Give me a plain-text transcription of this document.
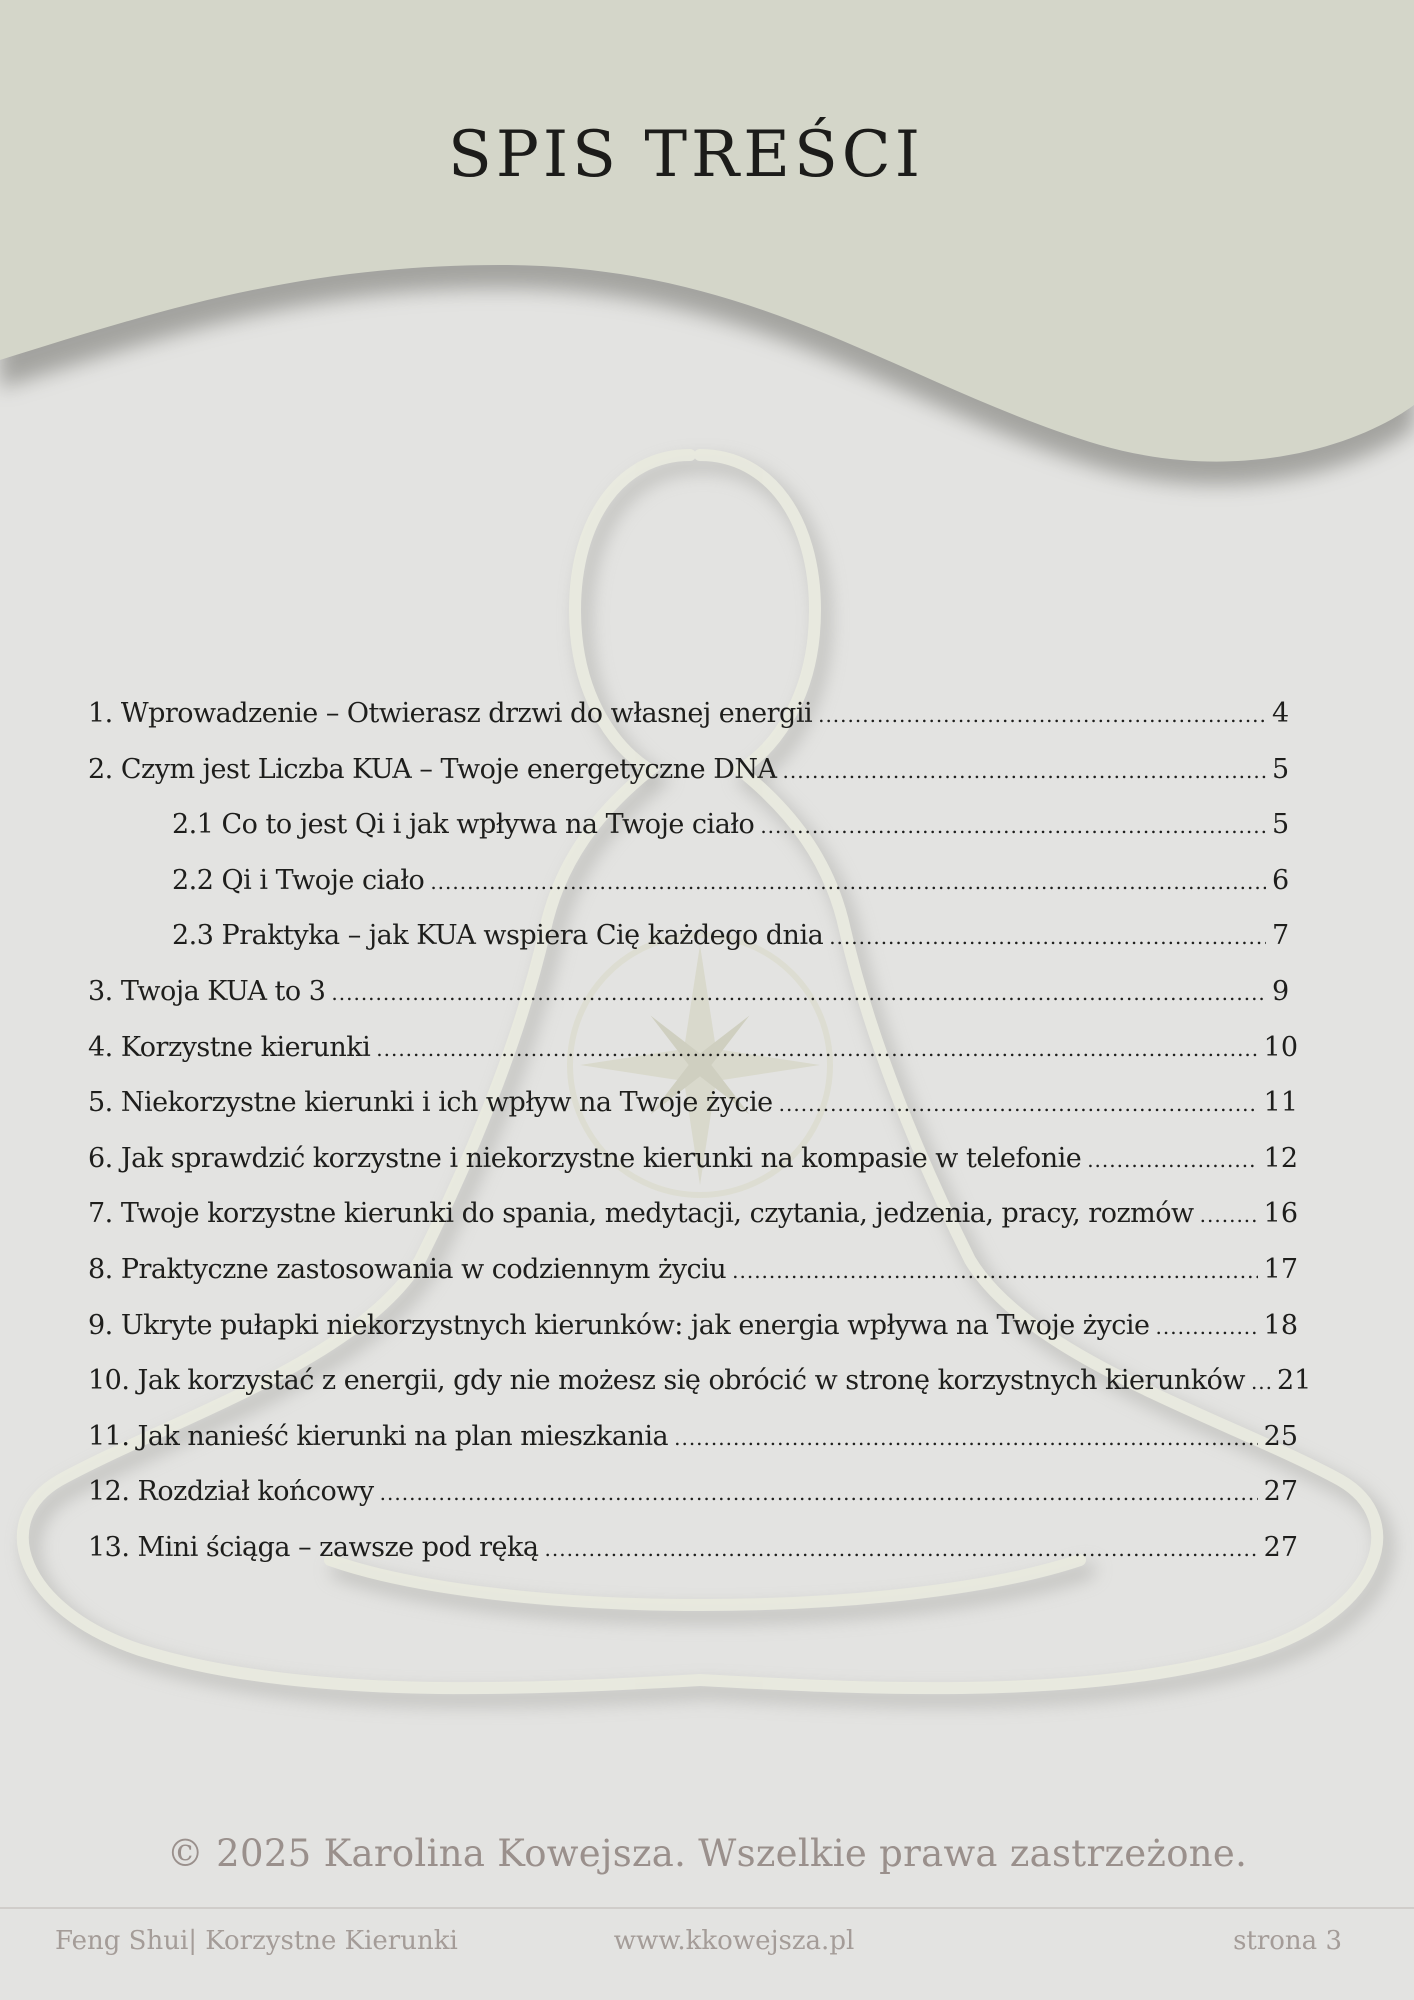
SPIS TREŚCI
1. Wprowadzenie – Otwierasz drzwi do własnej energii .....	4
2. Czym jest Liczba KUA – Twoje energetyczne DNA .....	5
2.1 Co to jest Qi i jak wpływa na Twoje ciało .....	5
2.2 Qi i Twoje ciało .....	6
2.3 Praktyka – jak KUA wspiera Cię każdego dnia .....	7
3. Twoja KUA to 3 .....	9
4. Korzystne kierunki .....	10
5. Niekorzystne kierunki i ich wpływ na Twoje życie .....	11
6. Jak sprawdzić korzystne i niekorzystne kierunki na kompasie w telefonie .....	12
7. Twoje korzystne kierunki do spania, medytacji, czytania, jedzenia, pracy, rozmów .....	16
8. Praktyczne zastosowania w codziennym życiu .....	17
9. Ukryte pułapki niekorzystnych kierunków: jak energia wpływa na Twoje życie .....	18
10. Jak korzystać z energii, gdy nie możesz się obrócić w stronę korzystnych kierunków ..... 21
11. Jak nanieść kierunki na plan mieszkania .....	25
12. Rozdział końcowy .....	27
13. Mini ściąga – zawsze pod ręką .....	27
© 2025 Karolina Kowejsza. Wszelkie prawa zastrzeżone.
Feng Shui| Korzystne Kierunki	www.kkowejsza.pl	strona 3
